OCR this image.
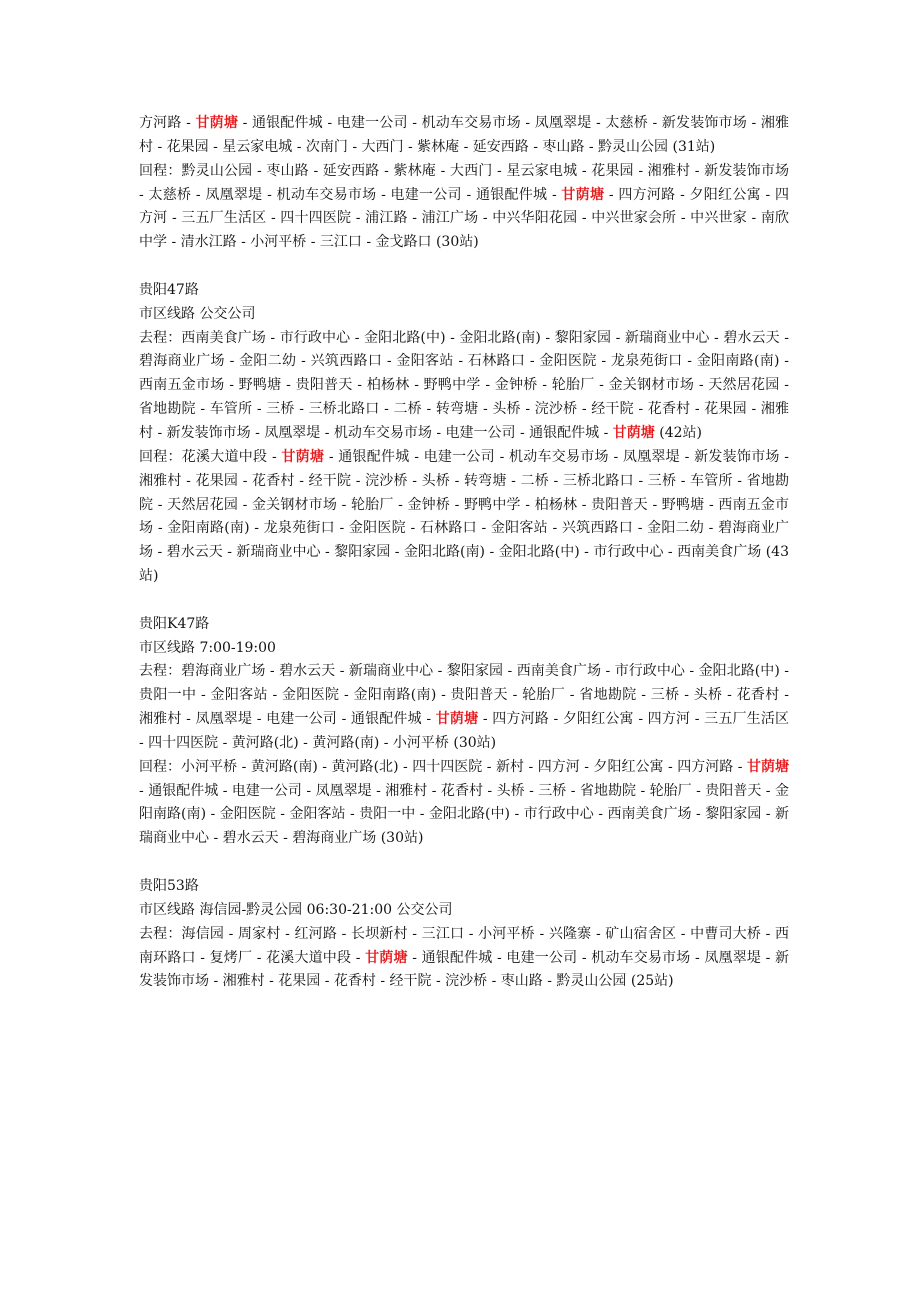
方河路 - 甘荫塘 - 通银配件城 - 电建一公司 - 机动车交易市场 - 凤凰翠堤 - 太慈桥 - 新发装饰市场 - 湘雅村 - 花果园 - 星云家电城 - 次南门 - 大西门 - 紫林庵 - 延安西路 - 枣山路 - 黔灵山公园 (31站)

回程：黔灵山公园 - 枣山路 - 延安西路 - 紫林庵 - 大西门 - 星云家电城 - 花果园 - 湘雅村 - 新发装饰市场 - 太慈桥 - 凤凰翠堤 - 机动车交易市场 - 电建一公司 - 通银配件城 - 甘荫塘 - 四方河路 - 夕阳红公寓 - 四方河 - 三五厂生活区 - 四十四医院 - 浦江路 - 浦江广场 - 中兴华阳花园 - 中兴世家会所 - 中兴世家 - 南欣中学 - 清水江路 - 小河平桥 - 三江口 - 金戈路口 (30站)

贵阳47路

市区线路 公交公司

去程：西南美食广场 - 市行政中心 - 金阳北路(中) - 金阳北路(南) - 黎阳家园 - 新瑞商业中心 - 碧水云天 - 碧海商业广场 - 金阳二幼 - 兴筑西路口 - 金阳客站 - 石林路口 - 金阳医院 - 龙泉苑街口 - 金阳南路(南) - 西南五金市场 - 野鸭塘 - 贵阳普天 - 柏杨林 - 野鸭中学 - 金钟桥 - 轮胎厂 - 金关钢材市场 - 天然居花园 - 省地勘院 - 车管所 - 三桥 - 三桥北路口 - 二桥 - 转弯塘 - 头桥 - 浣沙桥 - 经干院 - 花香村 - 花果园 - 湘雅村 - 新发装饰市场 - 凤凰翠堤 - 机动车交易市场 - 电建一公司 - 通银配件城 - 甘荫塘 (42站)

回程：花溪大道中段 - 甘荫塘 - 通银配件城 - 电建一公司 - 机动车交易市场 - 凤凰翠堤 - 新发装饰市场 - 湘雅村 - 花果园 - 花香村 - 经干院 - 浣沙桥 - 头桥 - 转弯塘 - 二桥 - 三桥北路口 - 三桥 - 车管所 - 省地勘院 - 天然居花园 - 金关钢材市场 - 轮胎厂 - 金钟桥 - 野鸭中学 - 柏杨林 - 贵阳普天 - 野鸭塘 - 西南五金市场 - 金阳南路(南) - 龙泉苑街口 - 金阳医院 - 石林路口 - 金阳客站 - 兴筑西路口 - 金阳二幼 - 碧海商业广场 - 碧水云天 - 新瑞商业中心 - 黎阳家园 - 金阳北路(南) - 金阳北路(中) - 市行政中心 - 西南美食广场 (43站)

贵阳K47路

市区线路 7:00-19:00

去程：碧海商业广场 - 碧水云天 - 新瑞商业中心 - 黎阳家园 - 西南美食广场 - 市行政中心 - 金阳北路(中) - 贵阳一中 - 金阳客站 - 金阳医院 - 金阳南路(南) - 贵阳普天 - 轮胎厂 - 省地勘院 - 三桥 - 头桥 - 花香村 - 湘雅村 - 凤凰翠堤 - 电建一公司 - 通银配件城 - 甘荫塘 - 四方河路 - 夕阳红公寓 - 四方河 - 三五厂生活区 - 四十四医院 - 黄河路(北) - 黄河路(南) - 小河平桥 (30站)

回程：小河平桥 - 黄河路(南) - 黄河路(北) - 四十四医院 - 新村 - 四方河 - 夕阳红公寓 - 四方河路 - 甘荫塘 - 通银配件城 - 电建一公司 - 凤凰翠堤 - 湘雅村 - 花香村 - 头桥 - 三桥 - 省地勘院 - 轮胎厂 - 贵阳普天 - 金阳南路(南) - 金阳医院 - 金阳客站 - 贵阳一中 - 金阳北路(中) - 市行政中心 - 西南美食广场 - 黎阳家园 - 新瑞商业中心 - 碧水云天 - 碧海商业广场 (30站)

贵阳53路

市区线路 海信园-黔灵公园 06:30-21:00 公交公司

去程：海信园 - 周家村 - 红河路 - 长坝新村 - 三江口 - 小河平桥 - 兴隆寨 - 矿山宿舍区 - 中曹司大桥 - 西南环路口 - 复烤厂 - 花溪大道中段 - 甘荫塘 - 通银配件城 - 电建一公司 - 机动车交易市场 - 凤凰翠堤 - 新发装饰市场 - 湘雅村 - 花果园 - 花香村 - 经干院 - 浣沙桥 - 枣山路 - 黔灵山公园 (25站)
